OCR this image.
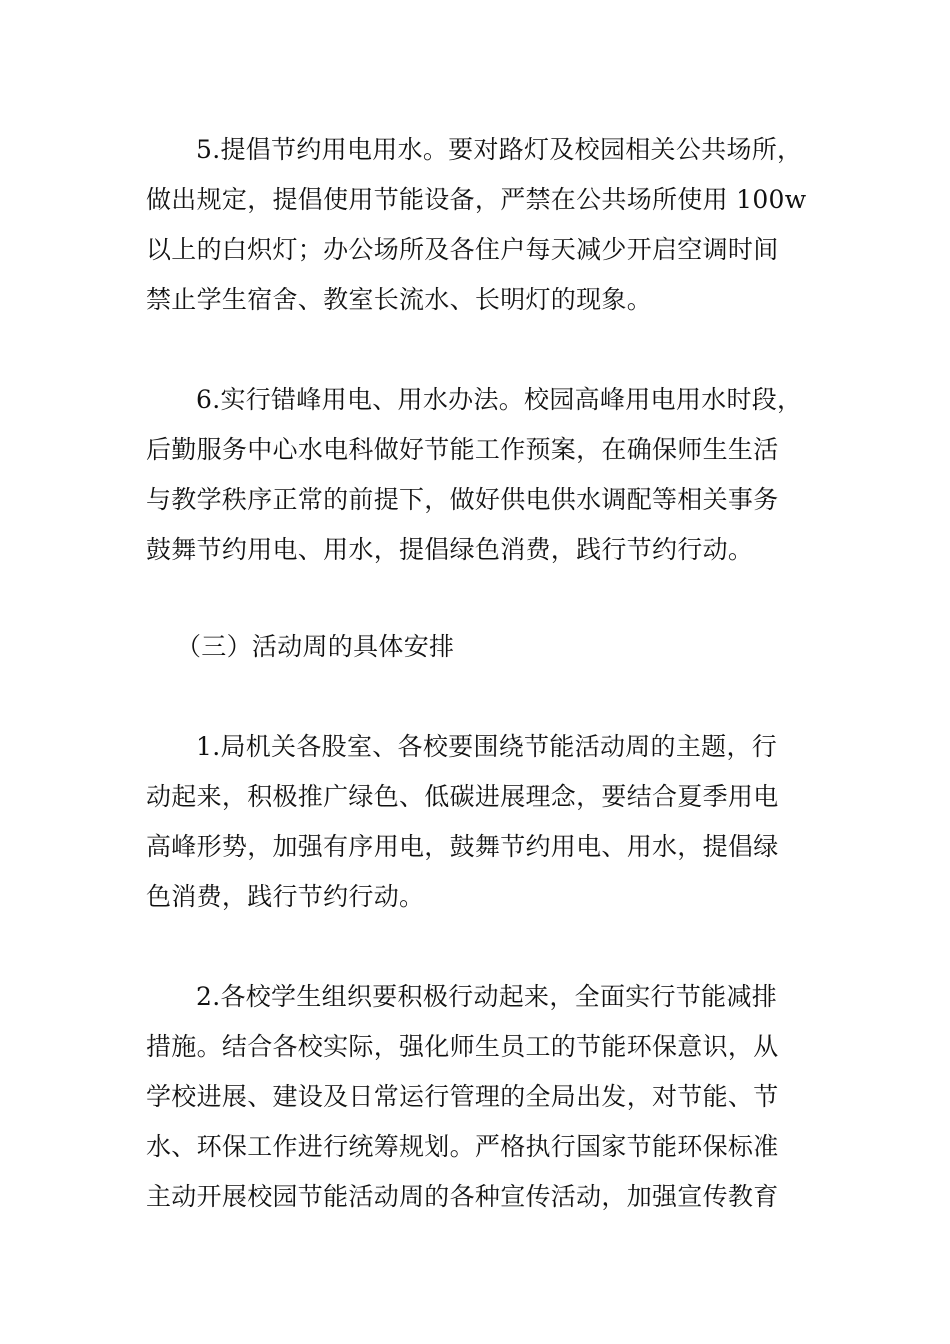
5.提倡节约用电用水。要对路灯及校园相关公共场所，
做出规定，提倡使用节能设备，严禁在公共场所使用 100w
以上的白炽灯；办公场所及各住户每天减少开启空调时间
禁止学生宿舍、教室长流水、长明灯的现象。

6.实行错峰用电、用水办法。校园高峰用电用水时段，
后勤服务中心水电科做好节能工作预案，在确保师生生活
与教学秩序正常的前提下，做好供电供水调配等相关事务
鼓舞节约用电、用水，提倡绿色消费，践行节约行动。

（三）活动周的具体安排

1.局机关各股室、各校要围绕节能活动周的主题，行
动起来，积极推广绿色、低碳进展理念，要结合夏季用电
高峰形势，加强有序用电，鼓舞节约用电、用水，提倡绿
色消费，践行节约行动。

2.各校学生组织要积极行动起来，全面实行节能减排
措施。结合各校实际，强化师生员工的节能环保意识，从
学校进展、建设及日常运行管理的全局出发，对节能、节
水、环保工作进行统筹规划。严格执行国家节能环保标准
主动开展校园节能活动周的各种宣传活动，加强宣传教育
